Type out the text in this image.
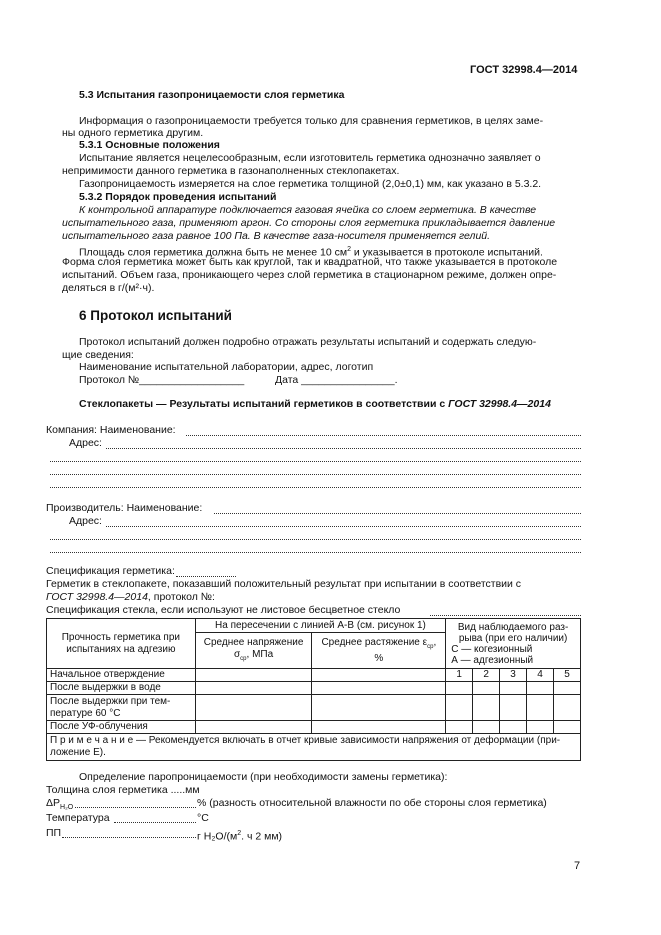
ГОСТ 32998.4—2014
5.3 Испытания газопроницаемости слоя герметика
Информация о газопроницаемости требуется только для сравнения герметиков, в целях заме-
ны одного герметика другим.
5.3.1 Основные положения
Испытание является нецелесообразным, если изготовитель герметика однозначно заявляет о
непримимости данного герметика в газонаполненных стеклопакетах.
Газопроницаемость измеряется на слое герметика толщиной (2,0±0,1) мм, как указано в 5.3.2.
5.3.2 Порядок проведения испытаний
К контрольной аппаратуре подключается газовая ячейка со слоем герметика. В качестве
испытательного газа, применяют аргон. Со стороны слоя герметика прикладывается давление
испытательного газа равное 100 Па. В качестве газа-носителя применяется гелий.
Площадь слоя герметика должна быть не менее 10 $см^2$ и указывается в протоколе испытаний.
Форма слоя герметика может быть как круглой, так и квадратной, что также указывается в протоколе
испытаний. Объем газа, проникающего через слой герметика в стационарном режиме, должен опре-
деляться в г/(м²·ч).
6 Протокол испытаний
Протокол испытаний должен подробно отражать результаты испытаний и содержать следую-
щие сведения:
Наименование испытательной лаборатории, адрес, логотип
Протокол №__________________	Дата ________________.
Стеклопакеты — Результаты испытаний герметиков в соответствии с ГОСТ 32998.4—2014
Компания: Наименование:
Адрес:
Производитель: Наименование:
Адрес:
Спецификация герметика:
Герметик в стеклопакете, показавший положительный результат при испытании в соответствии с
ГОСТ 32998.4—2014, протокол №:
Спецификация стекла, если используют не листовое бесцветное стекло
Прочность герметика при испытаниях на адгезию	На пересечении с линией А-В (см. рисунок 1)		Вид наблюдаемого раз-
рыва (при его наличии)
С — когезионный
А — адгезионный				

	Среднее напряжение $\sigma_{ср}$, МПа	Среднее растяжение $\varepsilon_{ср}$,
%					
Начальное отверждение			1	2	3	4	5
После выдержки в воде							

После выдержки при тем-
пературе 60 °С							

После УФ-облучения							

П р и м е ч а н и е — Рекомендуется включать в отчет кривые зависимости напряжения от деформации (при-
ложение Е).							
Определение паропроницаемости (при необходимости замены герметика):
Толщина слоя герметика .....мм
$\Delta P_{H_2O}$	% (разность относительной влажности по обе стороны слоя герметика)
Температура	°C
ПП	г H₂O/($м^2$. ч 2 мм)
7
